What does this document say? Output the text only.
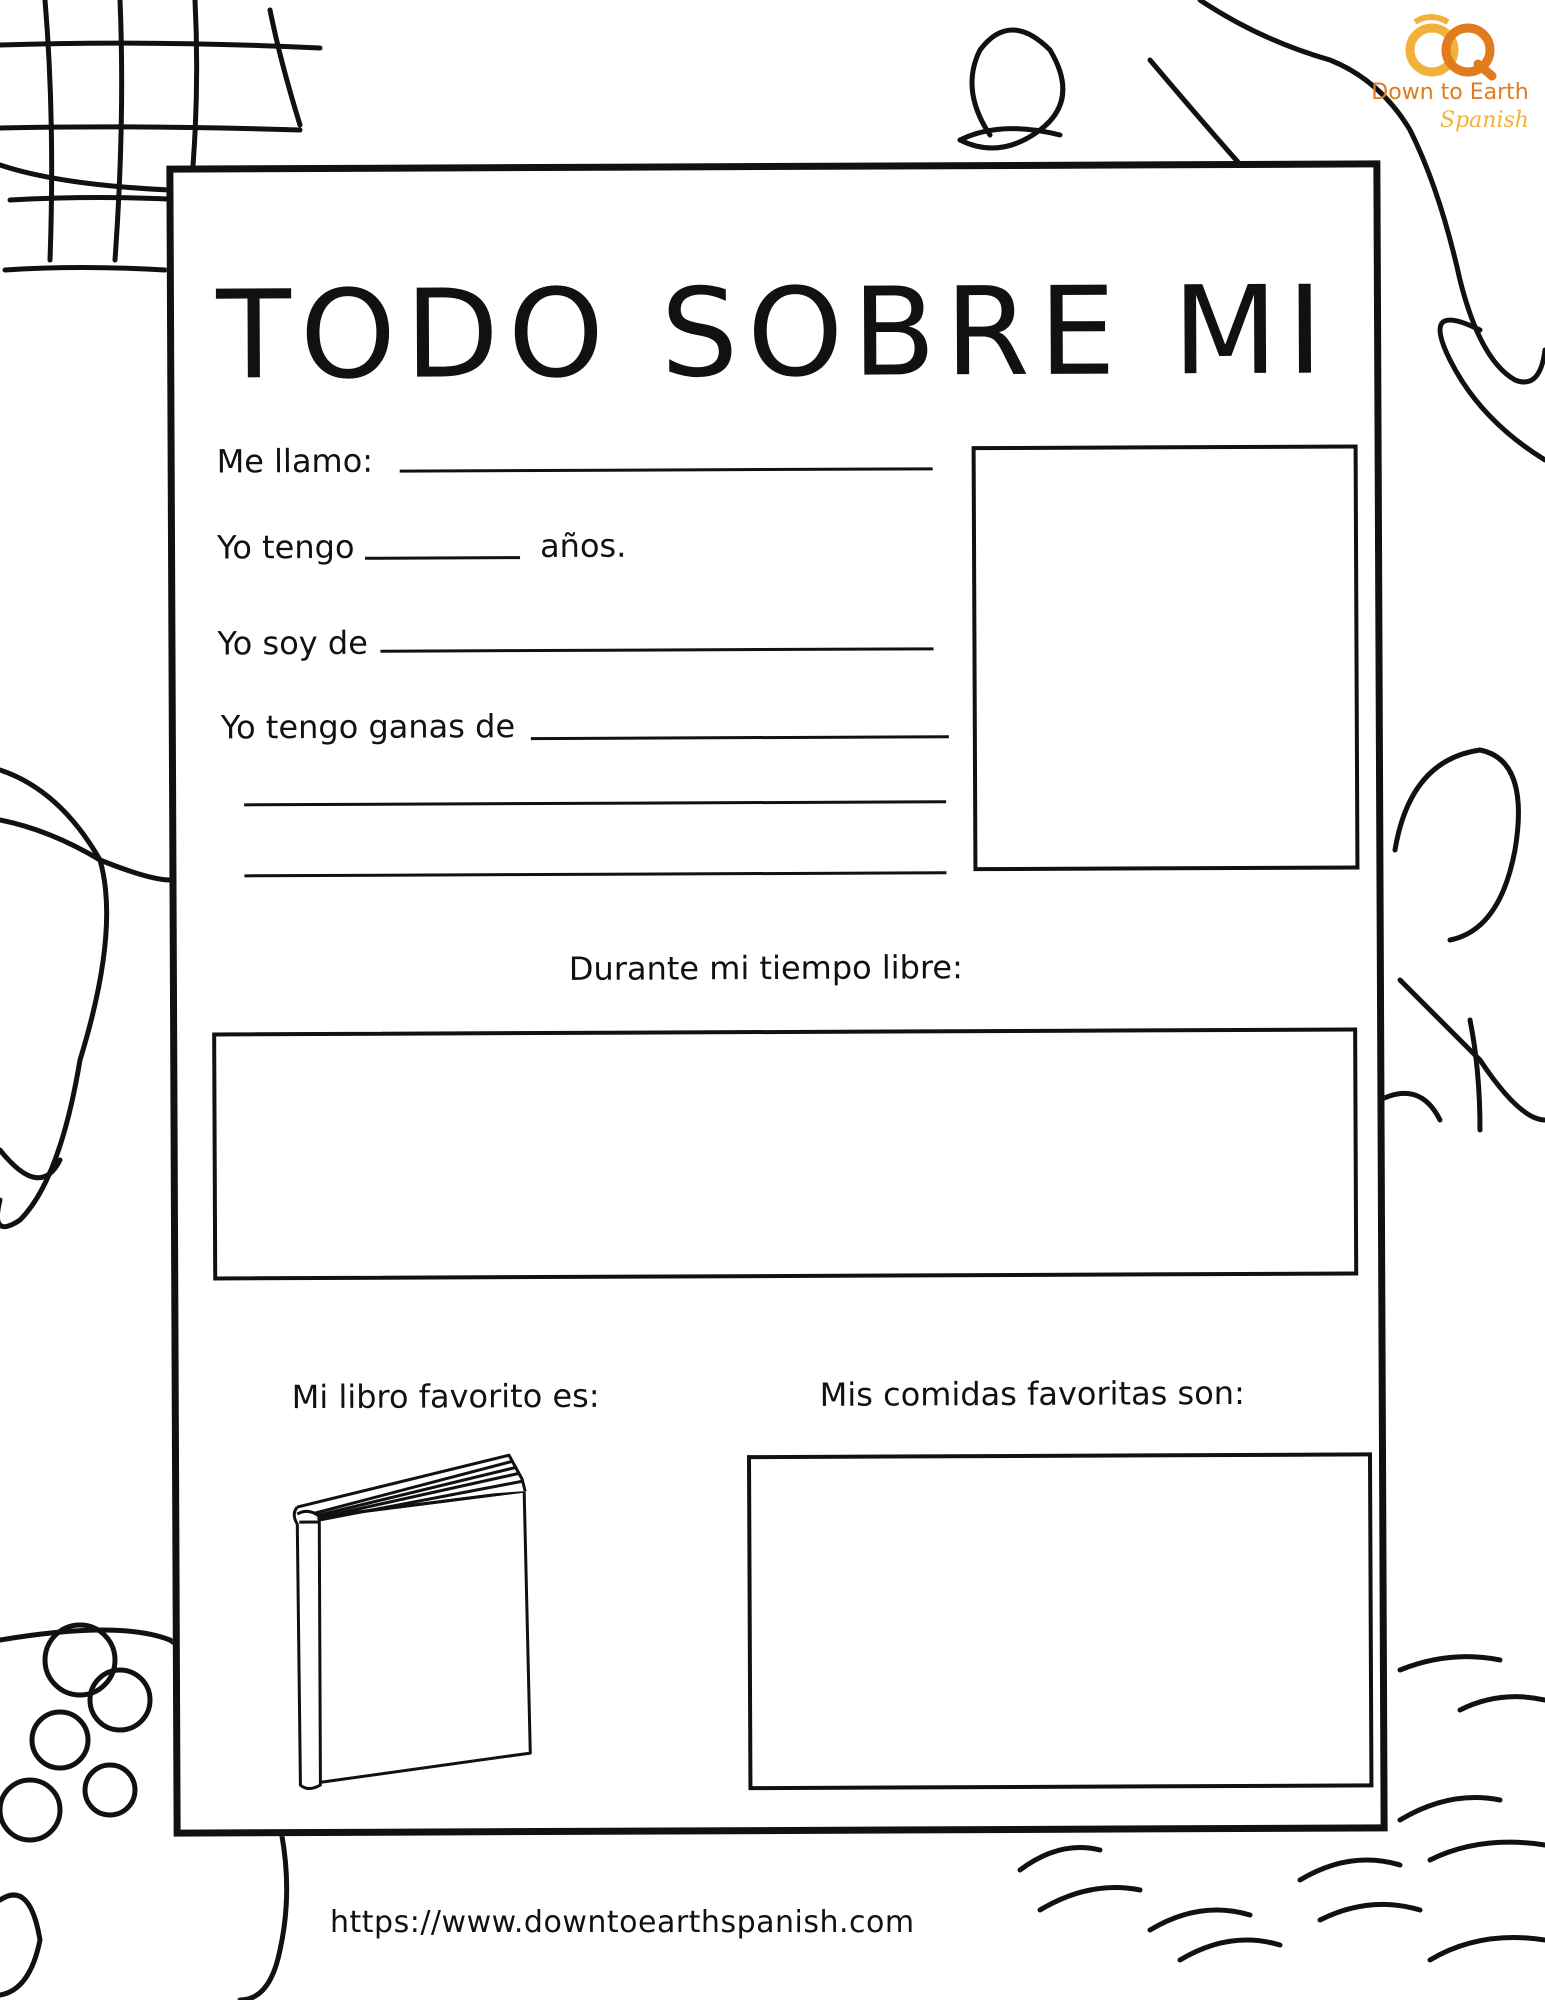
Down to Earth
Spanish
TODO SOBRE MI
Me llamo:
Yo tengo	años.
Yo soy de
Yo tengo ganas de
Durante mi tiempo libre:
Mi libro favorito es:	Mis comidas favoritas son:
https://www.downtoearthspanish.com
